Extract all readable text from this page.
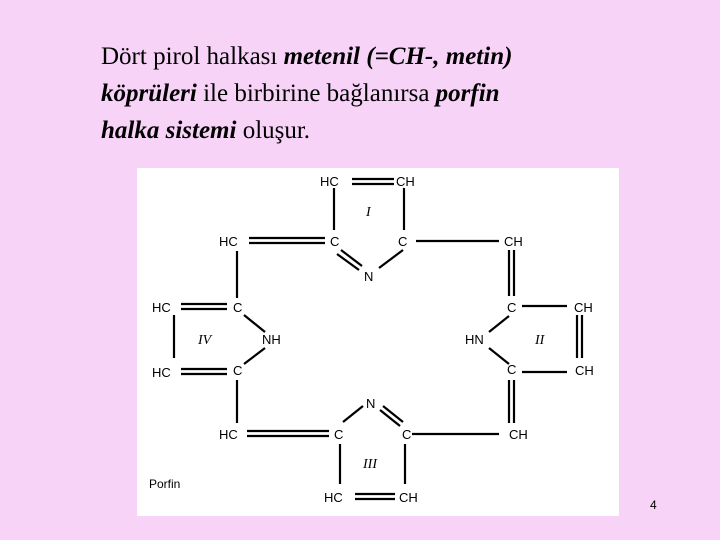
Dört pirol halkası metenil (=CH-, metin)
köprüleri ile birbirine bağlanırsa porfin
halka sistemi oluşur.
HC	CH
HC	C	C	CH
N
HC	C	C	CH
NH	HN
HC	C	C	CH
N
HC	C	C	CH
HC	CH
I
II
III
IV
Porfin
4
